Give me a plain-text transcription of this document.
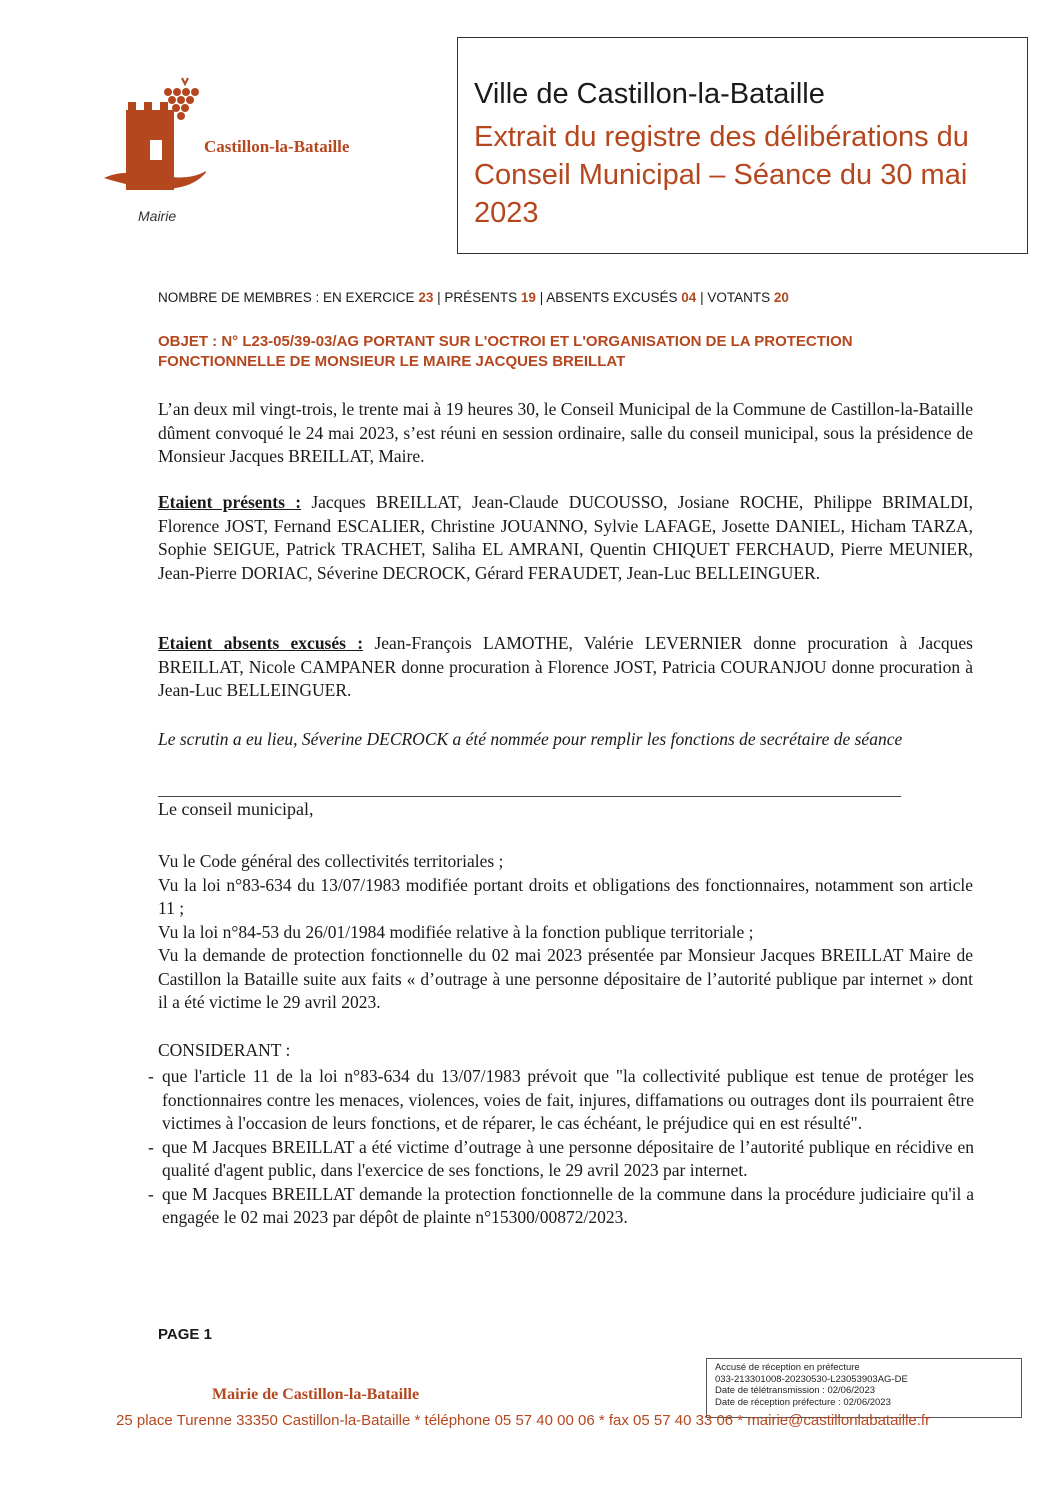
Castillon-la-Bataille
Mairie
Ville de Castillon-la-Bataille
Extrait du registre des délibérations du Conseil Municipal – Séance du 30 mai 2023
NOMBRE DE MEMBRES : EN EXERCICE 23 | PRÉSENTS 19 | ABSENTS EXCUSÉS 04 | VOTANTS 20
OBJET : N° L23-05/39-03/AG PORTANT SUR L'OCTROI ET L'ORGANISATION DE LA PROTECTION FONCTIONNELLE DE MONSIEUR LE MAIRE JACQUES BREILLAT
L’an deux mil vingt-trois, le trente mai à 19 heures 30, le Conseil Municipal de la Commune de Castillon-la-Bataille dûment convoqué le 24 mai 2023, s’est réuni en session ordinaire, salle du conseil municipal, sous la présidence de Monsieur Jacques BREILLAT, Maire.
Etaient présents : Jacques BREILLAT, Jean-Claude DUCOUSSO, Josiane ROCHE, Philippe BRIMALDI, Florence JOST, Fernand ESCALIER, Christine JOUANNO, Sylvie LAFAGE, Josette DANIEL, Hicham TARZA, Sophie SEIGUE, Patrick TRACHET, Saliha EL AMRANI, Quentin CHIQUET FERCHAUD, Pierre MEUNIER, Jean-Pierre DORIAC, Séverine DECROCK, Gérard FERAUDET, Jean-Luc BELLEINGUER.
Etaient absents excusés : Jean-François LAMOTHE, Valérie LEVERNIER donne procuration à Jacques BREILLAT, Nicole CAMPANER donne procuration à Florence JOST, Patricia COURANJOU donne procuration à Jean-Luc BELLEINGUER.
Le scrutin a eu lieu, Séverine DECROCK a été nommée pour remplir les fonctions de secrétaire de séance
Le conseil municipal,
Vu le Code général des collectivités territoriales ;
Vu la loi n°83-634 du 13/07/1983 modifiée portant droits et obligations des fonctionnaires, notamment son article 11 ;
Vu la loi n°84-53 du 26/01/1984 modifiée relative à la fonction publique territoriale ;
Vu la demande de protection fonctionnelle du 02 mai 2023 présentée par Monsieur Jacques BREILLAT Maire de Castillon la Bataille suite aux faits « d’outrage à une personne dépositaire de l’autorité publique par internet » dont il a été victime le 29 avril 2023.
CONSIDERANT :
- que l'article 11 de la loi n°83-634 du 13/07/1983 prévoit que "la collectivité publique est tenue de protéger les fonctionnaires contre les menaces, violences, voies de fait, injures, diffamations ou outrages dont ils pourraient être victimes à l'occasion de leurs fonctions, et de réparer, le cas échéant, le préjudice qui en est résulté".
- que M Jacques BREILLAT a été victime d’outrage à une personne dépositaire de l’autorité publique en récidive en qualité d'agent public, dans l'exercice de ses fonctions, le 29 avril 2023 par internet.
- que M Jacques BREILLAT demande la protection fonctionnelle de la commune dans la procédure judiciaire qu'il a engagée le 02 mai 2023 par dépôt de plainte n°15300/00872/2023.
PAGE 1
Accusé de réception en préfecture
033-213301008-20230530-L23053903AG-DE
Date de télétransmission : 02/06/2023
Date de réception préfecture : 02/06/2023
Mairie de Castillon-la-Bataille
25 place Turenne 33350 Castillon-la-Bataille * téléphone 05 57 40 00 06 * fax 05 57 40 33 06 * mairie@castillonlabataille.fr
